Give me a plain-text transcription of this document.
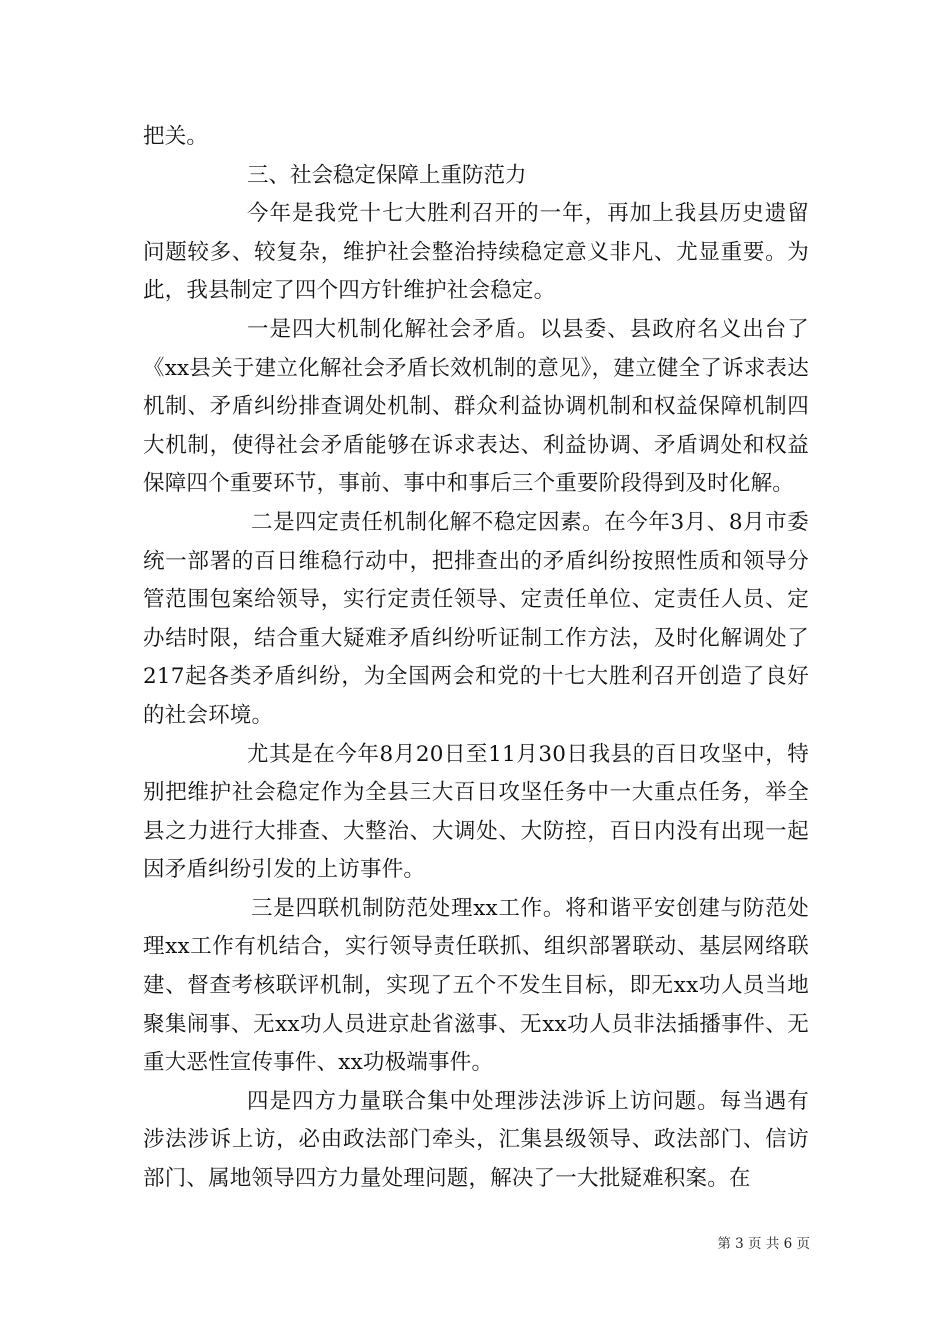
把关。

三、社会稳定保障上重防范力

今年是我党十七大胜利召开的一年，再加上我县历史遗留问题较多、较复杂，维护社会整治持续稳定意义非凡、尤显重要。为此，我县制定了四个四方针维护社会稳定。

一是四大机制化解社会矛盾。以县委、县政府名义出台了《xx县关于建立化解社会矛盾长效机制的意见》，建立健全了诉求表达机制、矛盾纠纷排查调处机制、群众利益协调机制和权益保障机制四大机制，使得社会矛盾能够在诉求表达、利益协调、矛盾调处和权益保障四个重要环节，事前、事中和事后三个重要阶段得到及时化解。

二是四定责任机制化解不稳定因素。在今年3月、8月市委统一部署的百日维稳行动中，把排查出的矛盾纠纷按照性质和领导分管范围包案给领导，实行定责任领导、定责任单位、定责任人员、定办结时限，结合重大疑难矛盾纠纷听证制工作方法，及时化解调处了217起各类矛盾纠纷，为全国两会和党的十七大胜利召开创造了良好的社会环境。

尤其是在今年8月20日至11月30日我县的百日攻坚中，特别把维护社会稳定作为全县三大百日攻坚任务中一大重点任务，举全县之力进行大排查、大整治、大调处、大防控，百日内没有出现一起因矛盾纠纷引发的上访事件。

三是四联机制防范处理xx工作。将和谐平安创建与防范处理xx工作有机结合，实行领导责任联抓、组织部署联动、基层网络联建、督查考核联评机制，实现了五个不发生目标，即无xx功人员当地聚集闹事、无xx功人员进京赴省滋事、无xx功人员非法插播事件、无重大恶性宣传事件、xx功极端事件。

四是四方力量联合集中处理涉法涉诉上访问题。每当遇有涉法涉诉上访，必由政法部门牵头，汇集县级领导、政法部门、信访部门、属地领导四方力量处理问题，解决了一大批疑难积案。在

第 3 页 共 6 页
